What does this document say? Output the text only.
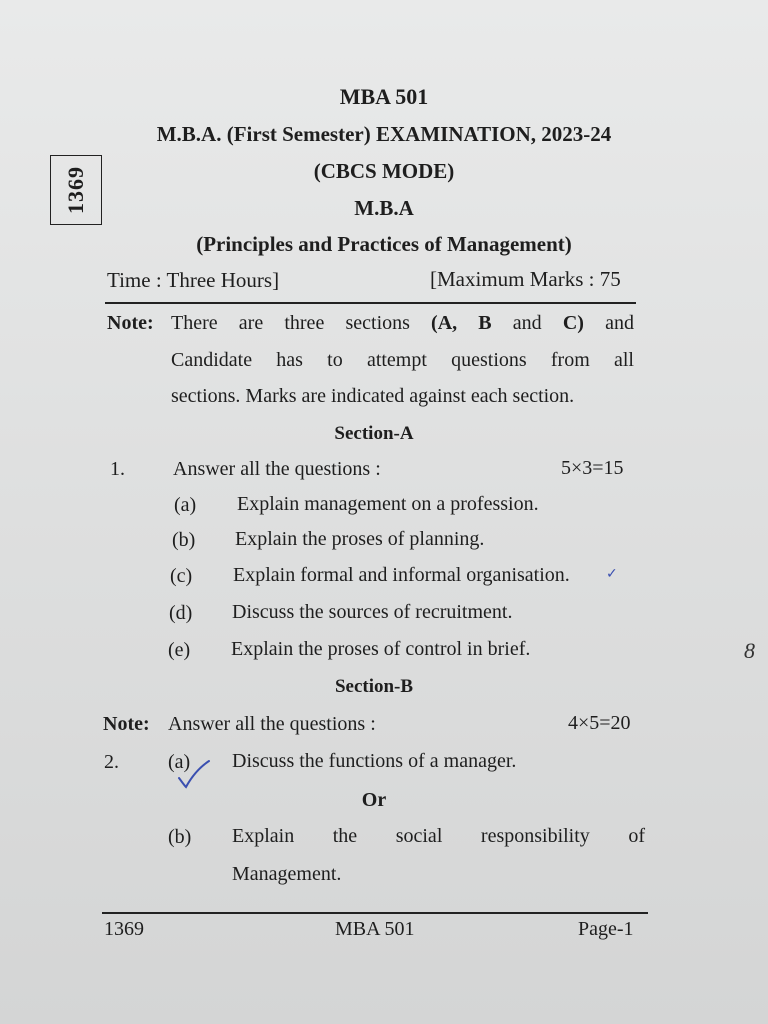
MBA 501
M.B.A. (First Semester) EXAMINATION, 2023-24
(CBCS MODE)
M.B.A
(Principles and Practices of Management)
1369
Time : Three Hours]	[Maximum Marks : 75
Note: There are three sections (A, B and C) and
Candidate has to attempt questions from all
sections. Marks are indicated against each section.
Section-A
1. Answer all the questions :	5×3=15
(a) Explain management on a profession.
(b) Explain the proses of planning.
(c) Explain formal and informal organisation.	✓
(d) Discuss the sources of recruitment.
(e) Explain the proses of control in brief.	8
Section-B
Note: Answer all the questions :	4×5=20
2. (a) Discuss the functions of a manager.
Or
(b) Explain the social responsibility of
Management.
1369	MBA 501	Page-1
